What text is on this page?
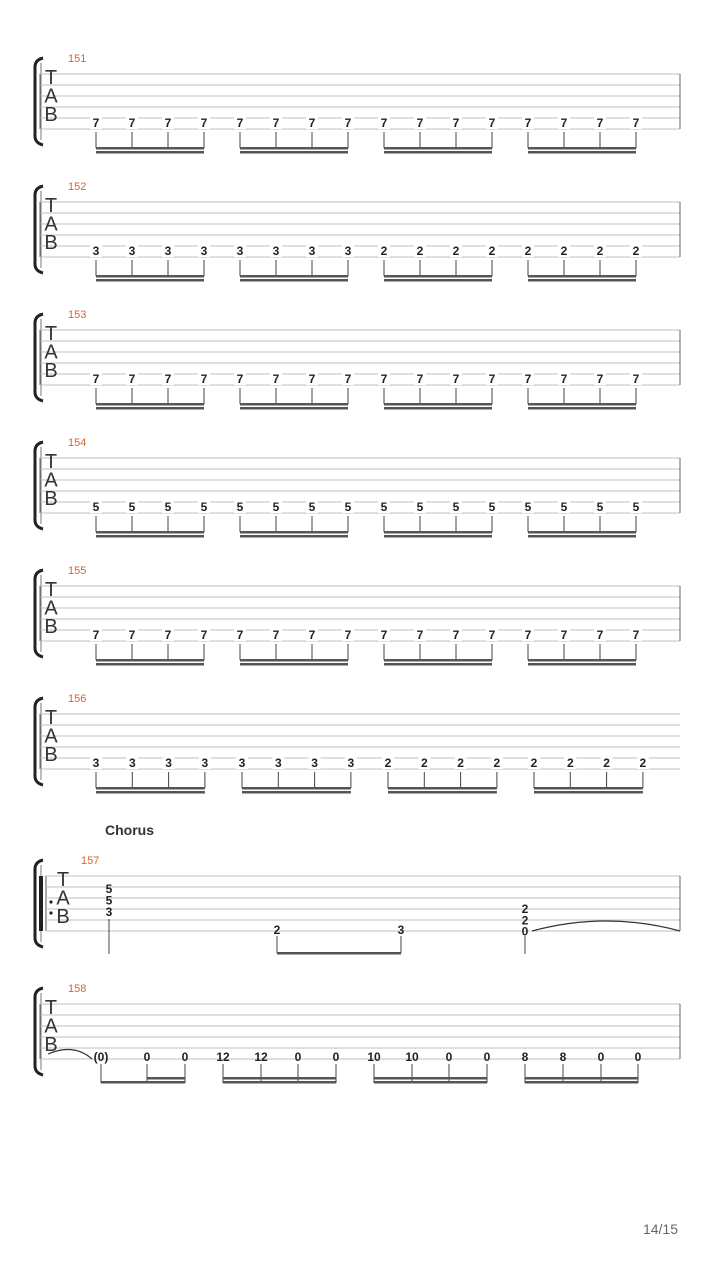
T
A
B
151
7 7 7 7 7 7 7 7 7 7 7 7 7 7 7 7
T
A
B
152
3 3 3 3 3 3 3 3 2 2 2 2 2 2 2 2
T
A
B
153
7 7 7 7 7 7 7 7 7 7 7 7 7 7 7 7
T
A
B
154
5 5 5 5 5 5 5 5 5 5 5 5 5 5 5 5
T
A
B
155
7 7 7 7 7 7 7 7 7 7 7 7 7 7 7 7
T
A
B
156
3 3 3 3	3 3 3 3	2 2 2 2	2 2 2 2
Chorus
T
A
B
157
5
5
3
2	3
2
2
0
T
A
B
158
(0)	0	0 12 12 0	0 10 10 0	0	8	8	0	0
14/15
